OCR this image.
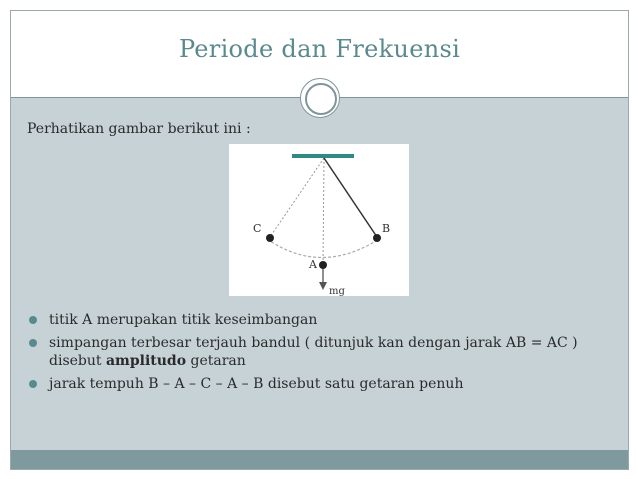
Periode dan Frekuensi
Perhatikan gambar berikut ini :
C	B
A
mg
titik A merupakan titik keseimbangan
simpangan terbesar terjauh bandul ( ditunjuk kan dengan jarak AB = AC )
disebut amplitudo getaran
jarak tempuh B – A – C – A – B disebut satu getaran penuh
